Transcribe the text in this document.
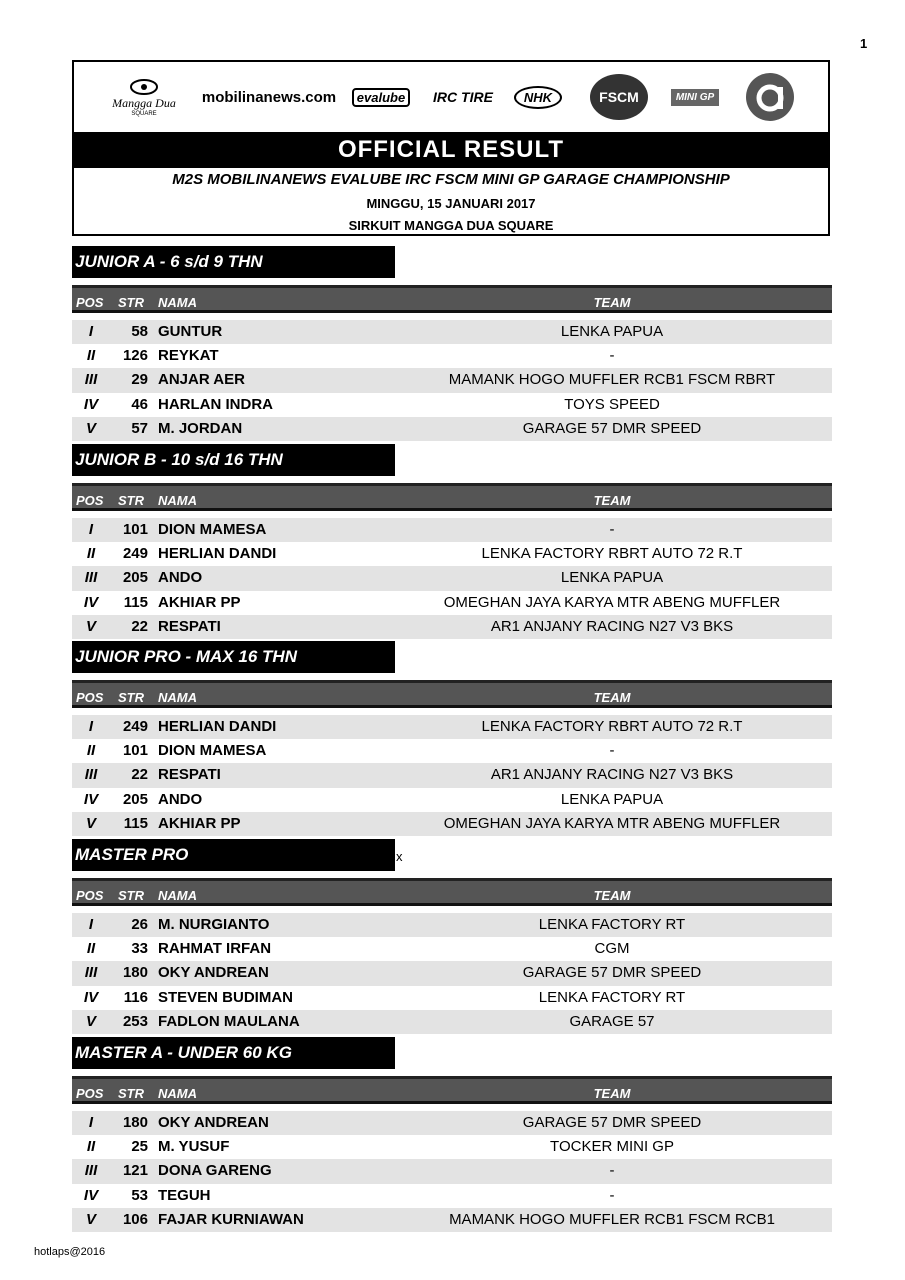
1
Mangga Dua
SQUARE
mobilinanews.com	evalube	IRC TIRE	NHK	FSCM	MINI GP
OFFICIAL RESULT
M2S MOBILINANEWS EVALUBE IRC FSCM MINI GP GARAGE CHAMPIONSHIP
MINGGU, 15 JANUARI 2017
SIRKUIT MANGGA DUA SQUARE
JUNIOR A - 6 s/d 9 THN
POS STR NAMA	TEAM
I	58 GUNTUR	LENKA PAPUA
II	126 REYKAT	-
III	29 ANJAR AER	MAMANK HOGO MUFFLER RCB1 FSCM RBRT
IV	46 HARLAN INDRA	TOYS SPEED
V	57 M. JORDAN	GARAGE 57 DMR SPEED
JUNIOR B - 10 s/d 16 THN
POS STR NAMA	TEAM
I	101 DION MAMESA	-
II	249 HERLIAN DANDI	LENKA FACTORY RBRT AUTO 72 R.T
III	205 ANDO	LENKA PAPUA
IV	115 AKHIAR PP	OMEGHAN JAYA KARYA MTR ABENG MUFFLER
V	22 RESPATI	AR1 ANJANY RACING N27 V3 BKS
JUNIOR PRO - MAX 16 THN
POS STR NAMA	TEAM
I	249 HERLIAN DANDI	LENKA FACTORY RBRT AUTO 72 R.T
II	101 DION MAMESA	-
III	22 RESPATI	AR1 ANJANY RACING N27 V3 BKS
IV	205 ANDO	LENKA PAPUA
V	115 AKHIAR PP	OMEGHAN JAYA KARYA MTR ABENG MUFFLER
MASTER PRO	x
POS STR NAMA	TEAM
I	26 M. NURGIANTO	LENKA FACTORY RT
II	33 RAHMAT IRFAN	CGM
III	180 OKY ANDREAN	GARAGE 57 DMR SPEED
IV	116 STEVEN BUDIMAN	LENKA FACTORY RT
V	253 FADLON MAULANA	GARAGE 57
MASTER A - UNDER 60 KG
POS STR NAMA	TEAM
I	180 OKY ANDREAN	GARAGE 57 DMR SPEED
II	25 M. YUSUF	TOCKER MINI GP
III	121 DONA GARENG	-
IV	53 TEGUH	-
V	106 FAJAR KURNIAWAN	MAMANK HOGO MUFFLER RCB1 FSCM RCB1
hotlaps@2016
